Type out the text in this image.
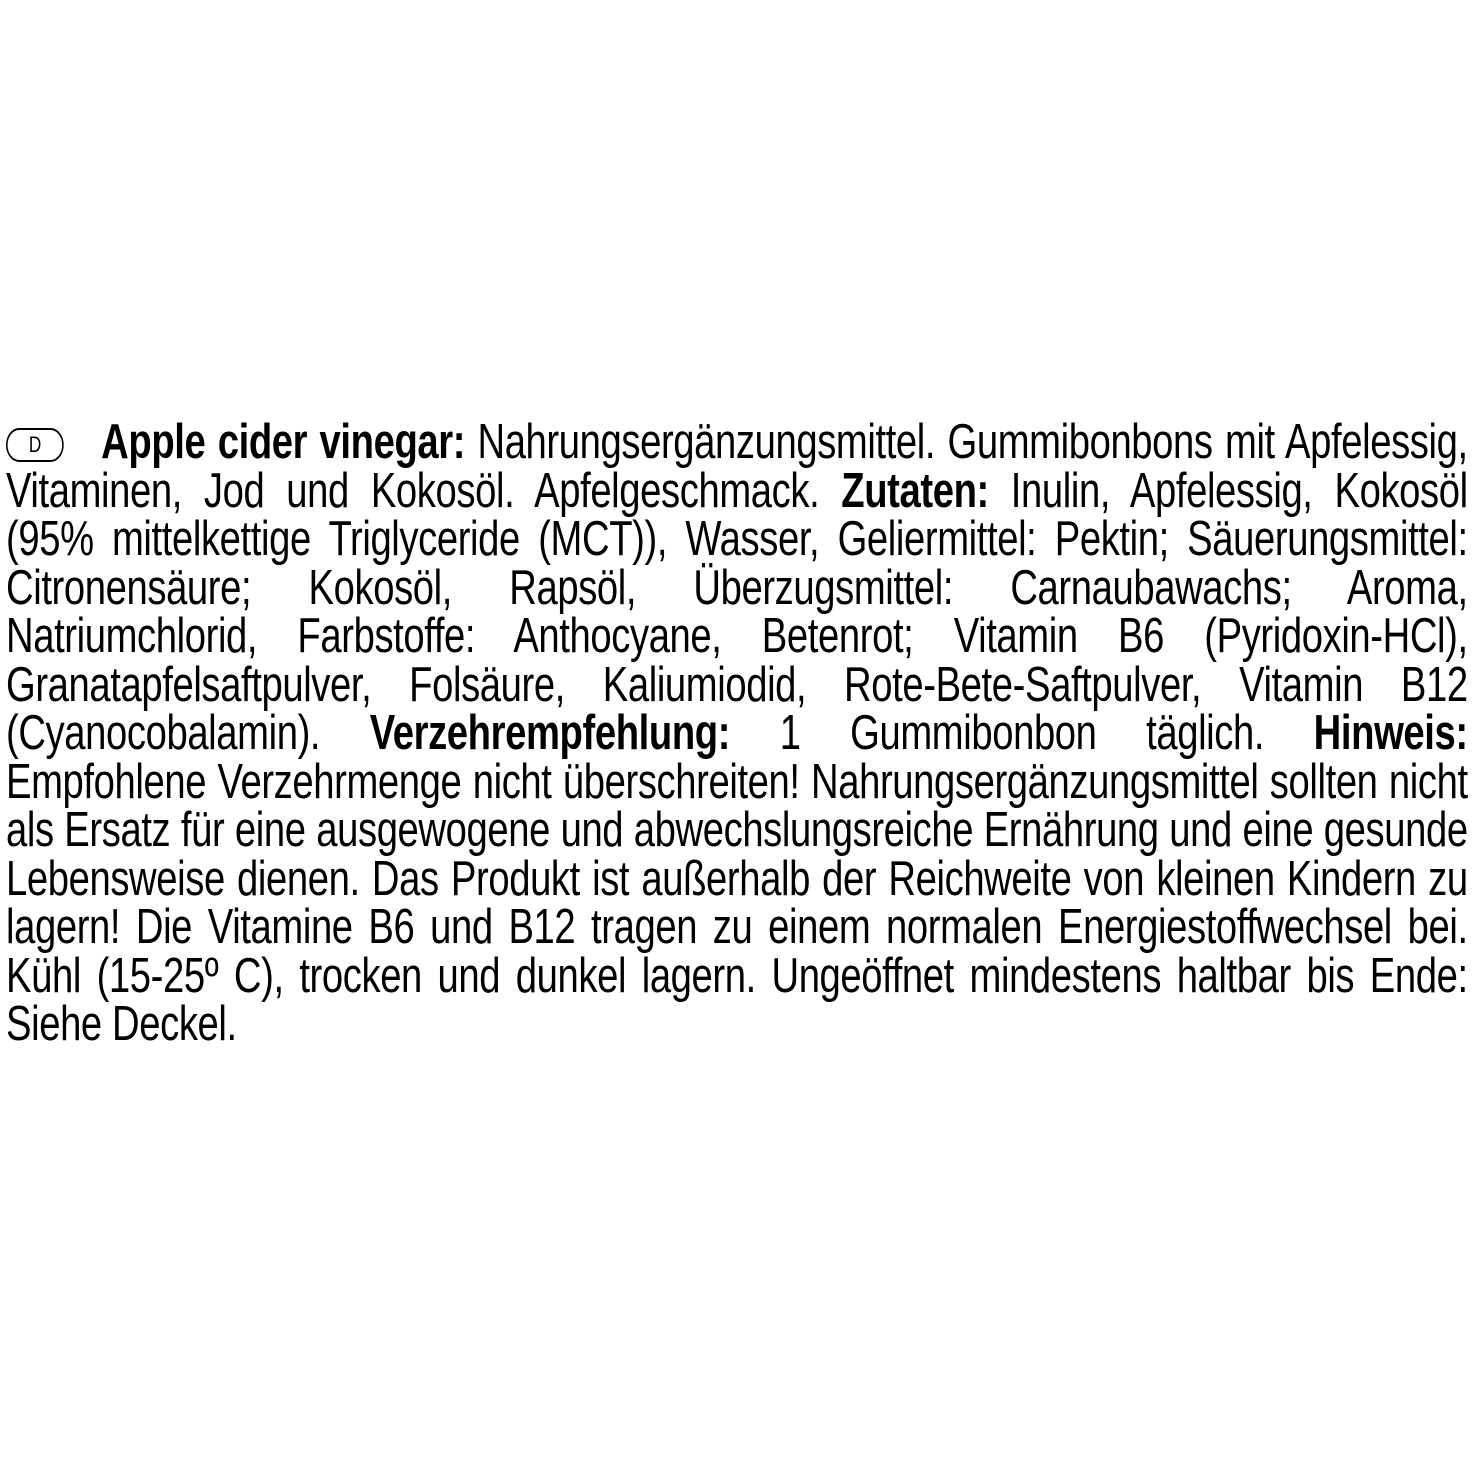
D Apple cider vinegar: Nahrungsergänzungsmittel. Gummibonbons mit Apfelessig, Vitaminen, Jod und Kokosöl. Apfelgeschmack. Zutaten: Inulin, Apfelessig, Kokosöl (95% mittelkettige Triglyceride (MCT)), Wasser, Geliermittel: Pektin; Säuerungsmittel: Citronensäure; Kokosöl, Rapsöl, Überzugsmittel: Carnaubawachs; Aroma, Natriumchlorid, Farbstoffe: Anthocyane, Betenrot; Vitamin B6 (Pyridoxin-HCl), Granatapfelsaftpulver, Folsäure, Kaliumiodid, Rote-Bete-Saftpulver, Vitamin B12 (Cyanocobalamin). Verzehrempfehlung: 1 Gummibonbon täglich. Hinweis: Empfohlene Verzehrmenge nicht überschreiten! Nahrungsergänzungsmittel sollten nicht als Ersatz für eine ausgewogene und abwechslungsreiche Ernährung und eine gesunde Lebensweise dienen. Das Produkt ist außerhalb der Reichweite von kleinen Kindern zu lagern! Die Vitamine B6 und B12 tragen zu einem normalen Energiestoffwechsel bei. Kühl (15-25º C), trocken und dunkel lagern. Ungeöffnet mindestens haltbar bis Ende: Siehe Deckel.
